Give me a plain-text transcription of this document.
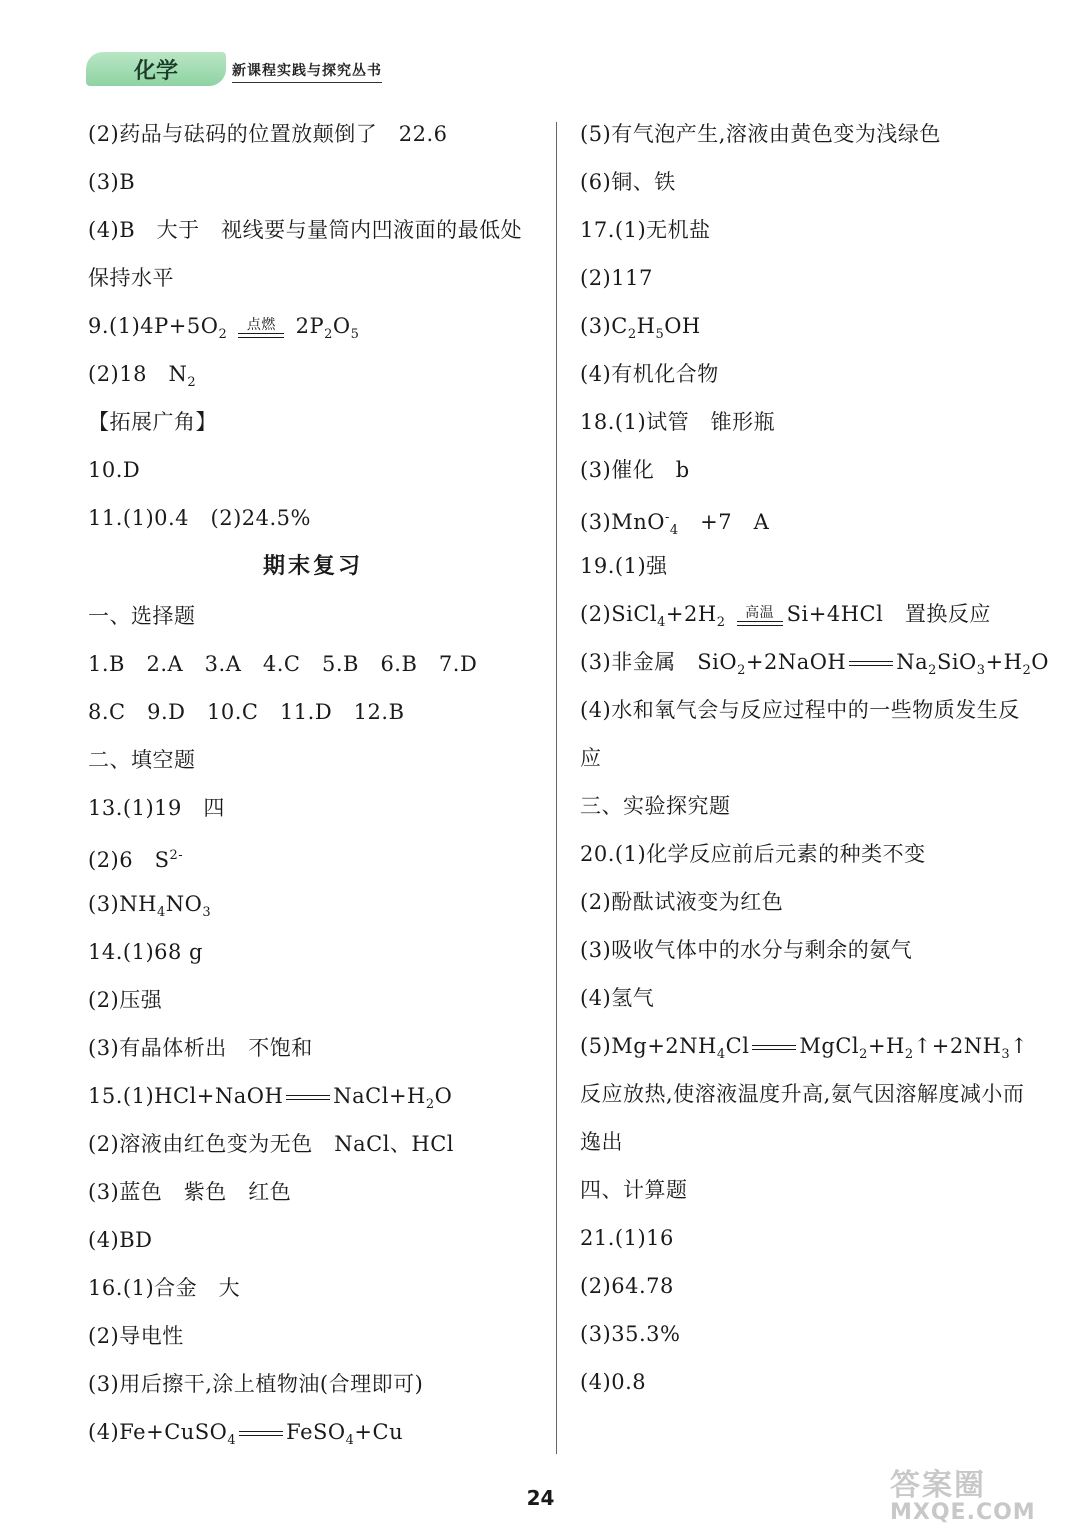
化学	新课程实践与探究丛书
(2)药品与砝码的位置放颠倒了　22.6
(3)B
(4)B　大于　视线要与量筒内凹液面的最低处保持水平
$9.(1)4P+5O_2$
点燃 $2P_2O_5$
(2)18　$N_2$
【拓展广角】
10.D
11.(1)0.4　(2)24.5%
期末复习
一、选择题
1.B　2.A　3.A　4.C　5.B　6.B　7.D
8.C　9.D　10.C　11.D　12.B
二、填空题
13.(1)19　四
(2)6　$S^{2-}$
$(3)NH_4NO_3$
14.(1)68 g
(2)压强
(3)有晶体析出　不饱和
15.(1)HCl+NaOH $NaCl+H_2O$
(2)溶液由红色变为无色　NaCl、HCl
(3)蓝色　紫色　红色
(4)BD
16.(1)合金　大
(2)导电性
(3)用后擦干,涂上植物油(合理即可)
(4)Fe+CuSO$_4$ FeSO$_4$+Cu
(5)有气泡产生,溶液由黄色变为浅绿色
(6)铜、铁
17.(1)无机盐
(2)117
$(3)C_2H_5OH$
(4)有机化合物
18.(1)试管　锥形瓶
(3)催化　b
(3)MnO-$_4$　+7　A
19.(1)强
$(2)SiCl_4+2H_2$
高温 Si+4HCl　置换反应
(3)非金属　SiO$_2$+2NaOH $Na_2SiO_3+H_2O$
(4)水和氧气会与反应过程中的一些物质发生反应
三、实验探究题
20.(1)化学反应前后元素的种类不变
(2)酚酞试液变为红色
(3)吸收气体中的水分与剩余的氨气
(4)氢气
$(5)Mg+2NH_4Cl$ $MgCl_2+H_2↑+2NH_3↑$
反应放热,使溶液温度升高,氨气因溶解度减小而逸出
四、计算题
21.(1)16
(2)64.78
(3)35.3%
(4)0.8
24	答案圈
MXQE.COM
